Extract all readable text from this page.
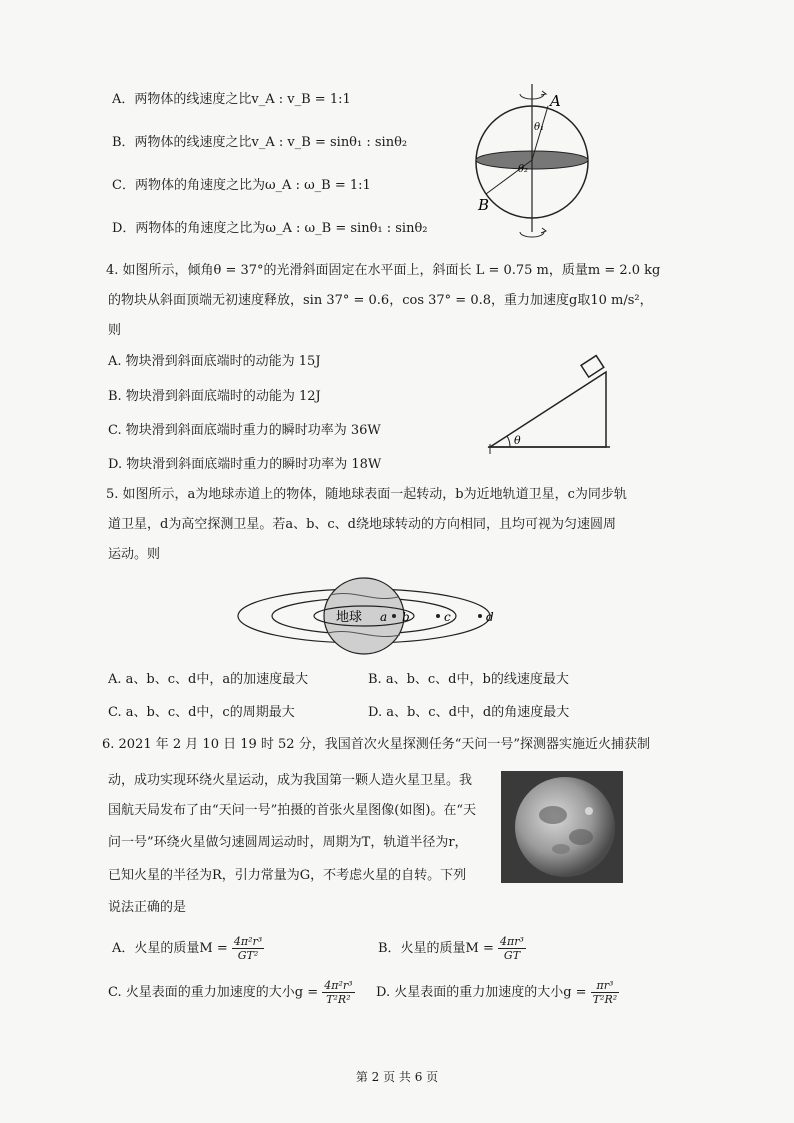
A．两物体的线速度之比v_A : v_B = 1:1
B．两物体的线速度之比v_A : v_B = sinθ₁ : sinθ₂
C．两物体的角速度之比为ω_A : ω_B = 1:1
D．两物体的角速度之比为ω_A : ω_B = sinθ₁ : sinθ₂
A
B
θ₁
θ₂
4. 如图所示，倾角θ = 37°的光滑斜面固定在水平面上，斜面长 L = 0.75 m，质量m = 2.0 kg
的物块从斜面顶端无初速度释放，sin 37° = 0.6，cos 37° = 0.8，重力加速度g取10 m/s²，
则
A. 物块滑到斜面底端时的动能为 15J
B. 物块滑到斜面底端时的动能为 12J
C. 物块滑到斜面底端时重力的瞬时功率为 36W
D. 物块滑到斜面底端时重力的瞬时功率为 18W
θ
5. 如图所示，a为地球赤道上的物体，随地球表面一起转动，b为近地轨道卫星，c为同步轨
道卫星，d为高空探测卫星。若a、b、c、d绕地球转动的方向相同，且均可视为匀速圆周
运动。则
地球 a b	c	d
A. a、b、c、d中，a的加速度最大	B. a、b、c、d中，b的线速度最大
C. a、b、c、d中，c的周期最大	D. a、b、c、d中，d的角速度最大
6. 2021 年 2 月 10 日 19 时 52 分，我国首次火星探测任务“天问一号”探测器实施近火捕获制
动，成功实现环绕火星运动，成为我国第一颗人造火星卫星。我
国航天局发布了由“天问一号”拍摄的首张火星图像(如图)。在“天
问一号”环绕火星做匀速圆周运动时，周期为T，轨道半径为r，
已知火星的半径为R，引力常量为G，不考虑火星的自转。下列
说法正确的是
A．火星的质量$M = \frac{\text{4π²r³}}{\text{GT²}}$	B．火星的质量$M = \frac{\text{4πr³}}{GT}$
C. 火星表面的重力加速度的大小$g = \frac{\text{4π²r³}}{\text{T²R²}} D$. 火星表面的重力加速度的大小$g = \frac{\text{πr³}}{\text{T²R²}}$
第 2 页 共 6 页
